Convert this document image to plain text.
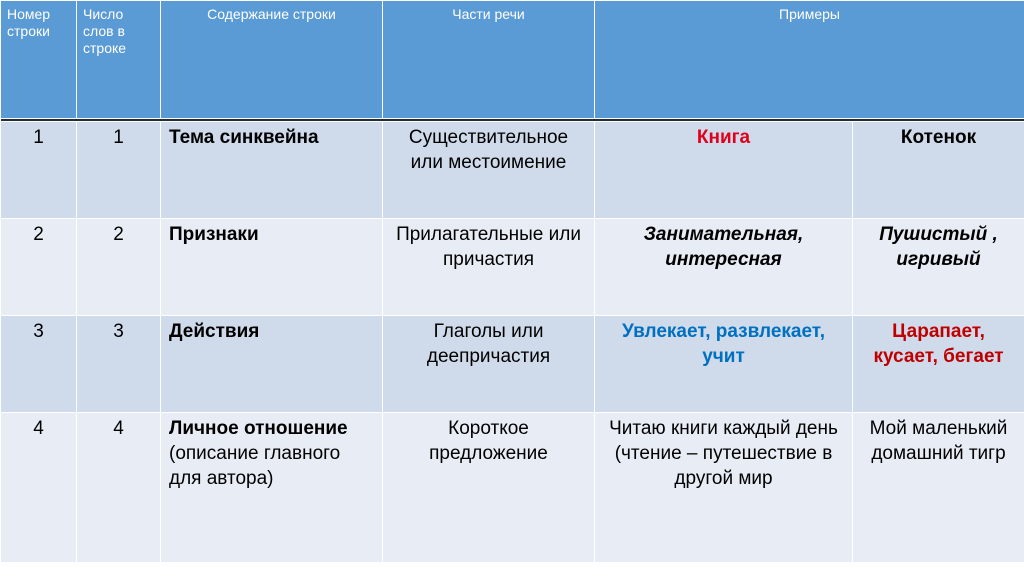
Номер строки	Число слов в строке	Содержание строки	Части речи	Примеры	

1	1	Тема синквейна	Существительное или местоимение	Книга	Котенок
2	2	Признаки	Прилагательные или причастия	Занимательная, интересная	Пушистый , игривый
3	3	Действия	Глаголы или деепричастия	Увлекает, развлекает, учит	Царапает, кусает, бегает
4	4	Личное отношение (описание главного для автора)	Короткое предложение	Читаю книги каждый день (чтение – путешествие в другой мир	Мой маленький домашний тигр
